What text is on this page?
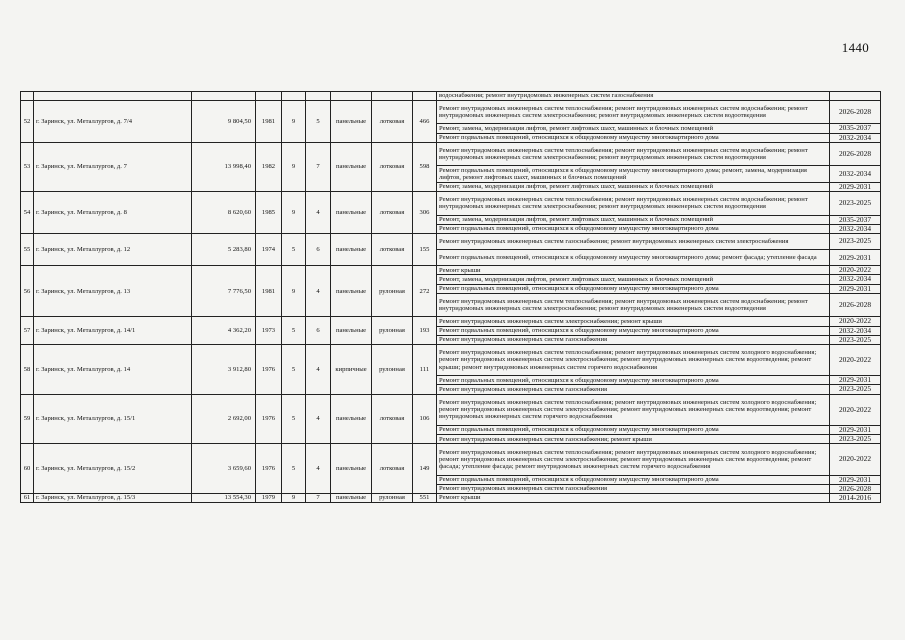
1440
									водоснабжения; ремонт внутридомовых инженерных систем газоснабжения	
52	г. Заринск, ул. Металлургов, д. 7/4	9 804,50	1981	9	5	панельные	лотковая	466	Ремонт внутридомовых инженерных систем теплоснабжения; ремонт внутридомовых инженерных систем водоснабжения; ремонт внутридомовых инженерных систем электроснабжения; ремонт внутридомовых инженерных систем водоотведения	2026-2028
									Ремонт, замена, модернизация лифтов, ремонт лифтовых шахт, машинных и блочных помещений	2035-2037
									Ремонт подвальных помещений, относящихся к общедомовому имуществу многоквартирного дома	2032-2034
53	г. Заринск, ул. Металлургов, д. 7	13 998,40	1982	9	7	панельные	лотковая	598	Ремонт внутридомовых инженерных систем теплоснабжения; ремонт внутридомовых инженерных систем водоснабжения; ремонт внутридомовых инженерных систем электроснабжения; ремонт внутридомовых инженерных систем водоотведения	2026-2028
									Ремонт подвальных помещений, относящихся к общедомовому имуществу многоквартирного дома; ремонт, замена, модернизация лифтов, ремонт лифтовых шахт, машинных и блочных помещений	2032-2034
									Ремонт, замена, модернизация лифтов, ремонт лифтовых шахт, машинных и блочных помещений	2029-2031
54	г. Заринск, ул. Металлургов, д. 8	8 620,60	1985	9	4	панельные	лотковая	306	Ремонт внутридомовых инженерных систем теплоснабжения; ремонт внутридомовых инженерных систем водоснабжения; ремонт внутридомовых инженерных систем электроснабжения; ремонт внутридомовых инженерных систем водоотведения	2023-2025
									Ремонт, замена, модернизация лифтов, ремонт лифтовых шахт, машинных и блочных помещений	2035-2037
									Ремонт подвальных помещений, относящихся к общедомовому имуществу многоквартирного дома	2032-2034
55	г. Заринск, ул. Металлургов, д. 12	5 283,80	1974	5	6	панельные	лотковая	155	Ремонт внутридомовых инженерных систем газоснабжения; ремонт внутридомовых инженерных систем электроснабжения	2023-2025
									Ремонт подвальных помещений, относящихся к общедомовому имуществу многоквартирного дома; ремонт фасада; утепление фасада	2029-2031
56	г. Заринск, ул. Металлургов, д. 13	7 776,50	1981	9	4	панельные	рулонная	272	Ремонт крыши	2020-2022
									Ремонт, замена, модернизация лифтов, ремонт лифтовых шахт, машинных и блочных помещений	2032-2034
									Ремонт подвальных помещений, относящихся к общедомовому имуществу многоквартирного дома	2029-2031
									Ремонт внутридомовых инженерных систем теплоснабжения; ремонт внутридомовых инженерных систем водоснабжения; ремонт внутридомовых инженерных систем электроснабжения; ремонт внутридомовых инженерных систем водоотведения	2026-2028
57	г. Заринск, ул. Металлургов, д. 14/1	4 362,20	1973	5	6	панельные	рулонная	193	Ремонт внутридомовых инженерных систем электроснабжения; ремонт крыши	2020-2022
									Ремонт подвальных помещений, относящихся к общедомовому имуществу многоквартирного дома	2032-2034
									Ремонт внутридомовых инженерных систем газоснабжения	2023-2025
58	г. Заринск, ул. Металлургов, д. 14	3 912,80	1976	5	4	кирпичные	рулонная	111	Ремонт внутридомовых инженерных систем теплоснабжения; ремонт внутридомовых инженерных систем холодного водоснабжения; ремонт внутридомовых инженерных систем электроснабжения; ремонт внутридомовых инженерных систем водоотведения; ремонт крыши; ремонт внутридомовых инженерных систем горячего водоснабжения	2020-2022
									Ремонт подвальных помещений, относящихся к общедомовому имуществу многоквартирного дома	2029-2031
									Ремонт внутридомовых инженерных систем газоснабжения	2023-2025
59	г. Заринск, ул. Металлургов, д. 15/1	2 692,00	1976	5	4	панельные	лотковая	106	Ремонт внутридомовых инженерных систем теплоснабжения; ремонт внутридомовых инженерных систем холодного водоснабжения; ремонт внутридомовых инженерных систем электроснабжения; ремонт внутридомовых инженерных систем водоотведения; ремонт внутридомовых инженерных систем горячего водоснабжения	2020-2022
									Ремонт подвальных помещений, относящихся к общедомовому имуществу многоквартирного дома	2029-2031
									Ремонт внутридомовых инженерных систем газоснабжения; ремонт крыши	2023-2025
60	г. Заринск, ул. Металлургов, д. 15/2	3 659,60	1976	5	4	панельные	лотковая	149	Ремонт внутридомовых инженерных систем теплоснабжения; ремонт внутридомовых инженерных систем холодного водоснабжения; ремонт внутридомовых инженерных систем электроснабжения; ремонт внутридомовых инженерных систем водоотведения; ремонт фасада; утепление фасада; ремонт внутридомовых инженерных систем горячего водоснабжения	2020-2022
									Ремонт подвальных помещений, относящихся к общедомовому имуществу многоквартирного дома	2029-2031
									Ремонт внутридомовых инженерных систем газоснабжения	2026-2028
61	г. Заринск, ул. Металлургов, д. 15/3	13 554,30	1979	9	7	панельные	рулонная	551	Ремонт крыши	2014-2016
